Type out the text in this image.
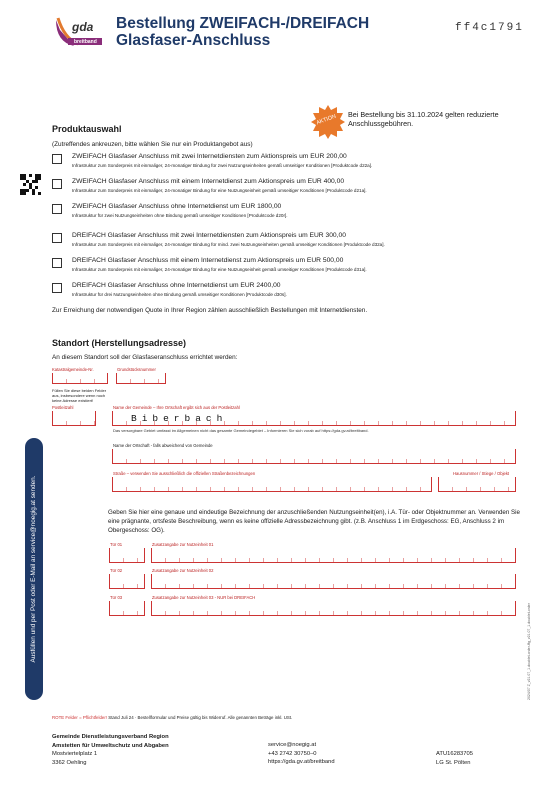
gda
breitband
Bestellung ZWEIFACH-/DREIFACH
Glasfaser-Anschluss
ff4c1791
AKTION Bei Bestellung bis 31.10.2024 gelten reduzierte Anschlussgebühren.
Produktauswahl
(Zutreffendes ankreuzen, bitte wählen Sie nur ein Produktangebot aus)
ZWEIFACH Glasfaser Anschluss mit zwei Internetdiensten zum Aktionspreis um EUR 200,00
Infrastruktur zum Sonderpreis mit einmaliger, 24-monatiger Bindung für zwei Nutzungseinheiten gemäß umseitiger Konditionen [Produktcode d22a].
ZWEIFACH Glasfaser Anschluss mit einem Internetdienst zum Aktionspreis um EUR 400,00
Infrastruktur zum Sonderpreis mit einmaliger, 24-monatiger Bindung für eine Nutzungseinheit gemäß umseitiger Konditionen [Produktcode d21a].
ZWEIFACH Glasfaser Anschluss ohne Internetdienst um EUR 1800,00
Infrastruktur für zwei Nutzungseinheiten ohne Bindung gemäß umseitiger Konditionen [Produktcode d20r].
DREIFACH Glasfaser Anschluss mit zwei Internetdiensten zum Aktionspreis um EUR 300,00
Infrastruktur zum Sonderpreis mit einmaliger, 24-monatiger Bindung für mind. zwei Nutzungseinheiten gemäß umseitiger Konditionen [Produktcode d32a].
DREIFACH Glasfaser Anschluss mit einem Internetdienst zum Aktionspreis um EUR 500,00
Infrastruktur zum Sonderpreis mit einmaliger, 24-monatiger Bindung für eine Nutzungseinheit gemäß umseitiger Konditionen [Produktcode d31a].
DREIFACH Glasfaser Anschluss ohne Internetdienst um EUR 2400,00
Infrastruktur für drei Nutzungseinheiten ohne Bindung gemäß umseitiger Konditionen [Produktcode d30s].
Zur Erreichung der notwendigen Quote in Ihrer Region zählen ausschließlich Bestellungen mit Internetdiensten.
Standort (Herstellungsadresse)
An diesem Standort soll der Glasfaseranschluss errichtet werden:
Katastralgemeinde-Nr.	Grundstücksnummer
Füllen Sie diese beiden Felder aus, insbesondere wenn noch keine Adresse existiert!
Postleitzahl	Name der Gemeinde – Ihre Ortschaft ergibt sich aus der Postleitzahl
Biberbach
Das versorgbare Gebiet umfasst im Allgemeinen nicht das gesamte Gemeindegebiet – Informieren Sie sich vorab auf https://gda.gv.at/breitband.
Name der Ortschaft - falls abweichend von Gemeinde
Straße – verwenden Sie ausschließlich die offiziellen Straßenbezeichnungen	Hausnummer / Stiege / Objekt
Geben Sie hier eine genaue und eindeutige Bezeichnung der anzuschließenden Nutzungseinheit(en), i.A. Tür- oder Objektnummer an. Verwenden Sie eine prägnante, ortsfeste Beschreibung, wenn es keine offizielle Adressbezeichnung gibt. (z.B. Anschluss 1 im Erdgeschoss: EG, Anschluss 2 im Obergeschoss: OG).
Tür 01	Zusatzangabe zur Nutzeinheit 01
Tür 02	Zusatzangabe zur Nutzeinheit 02
Tür 03	Zusatzangabe zur Nutzeinheit 03 - NUR bei DREIFACH
Ausfüllen und per Post oder E-Mail an service@noegig.at senden.	2024/07 Z_v21.07_1.doublet-order-ffg_v21.07_1.doublet-order
ROTE Felder = Pflichtfelder! Stand Juli 24 · Bestellformular und Preise gültig bis Widerruf. Alle genannten Beträge inkl. USt.
Gemeinde Dienstleistungsverband Region
Amstetten für Umweltschutz und Abgaben
Mostviertelplatz 1
3362 Oehling
service@noegig.at
+43 2742 30750–0
https://gda.gv.at/breitband
ATU16283705
LG St. Pölten
